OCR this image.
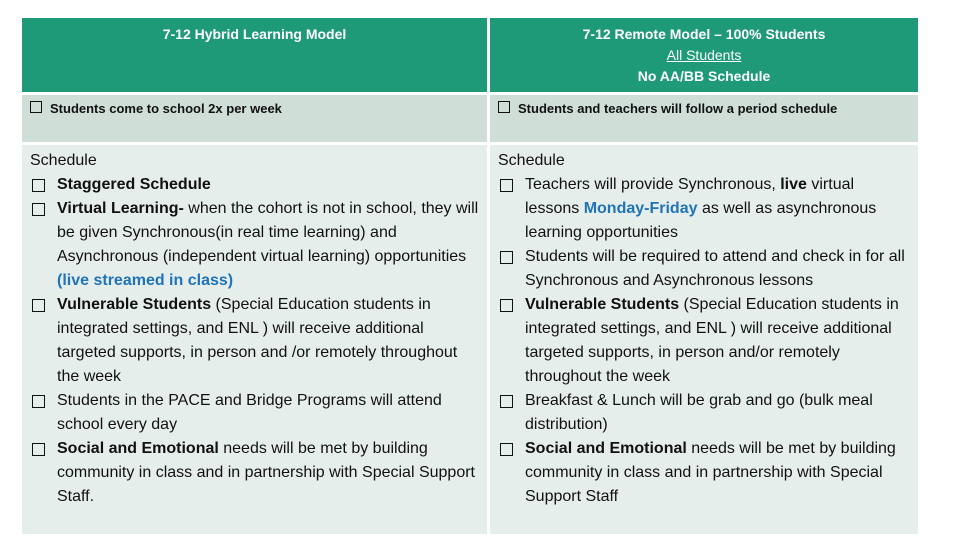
7-12 Hybrid Learning Model	7-12 Remote Model – 100% Students
All Students
No AA/BB Schedule
Students come to school 2x per week	Students and teachers will follow a period schedule
Schedule
Staggered Schedule
Virtual Learning- when the cohort is not in school, they will be given Synchronous(in real time learning) and Asynchronous (independent virtual learning) opportunities (live streamed in class)
Vulnerable Students (Special Education students in integrated settings, and ENL ) will receive additional targeted supports, in person and /or remotely throughout the week
Students in the PACE and Bridge Programs will attend school every day
Social and Emotional needs will be met by building community in class and in partnership with Special Support Staff.
Schedule
Teachers will provide Synchronous, live virtual lessons Monday-Friday as well as asynchronous learning opportunities
Students will be required to attend and check in for all Synchronous and Asynchronous lessons
Vulnerable Students (Special Education students in integrated settings, and ENL ) will receive additional targeted supports, in person and/or remotely throughout the week
Breakfast & Lunch will be grab and go (bulk meal distribution)
Social and Emotional needs will be met by building community in class and in partnership with Special Support Staff
